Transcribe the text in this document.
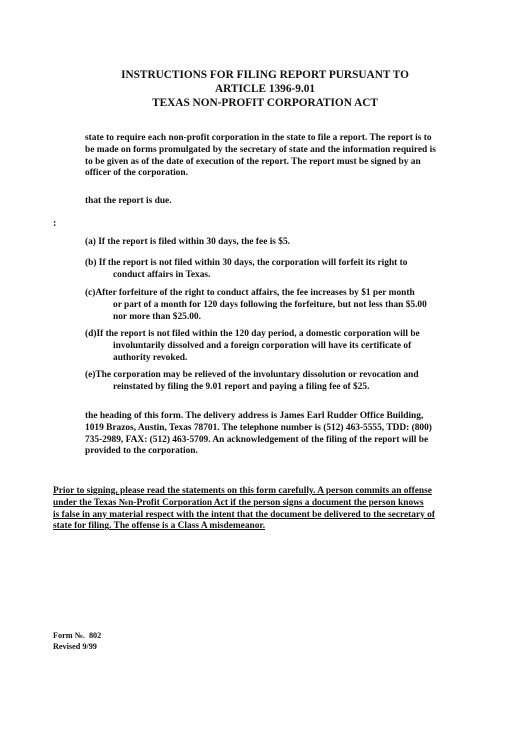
INSTRUCTIONS FOR FILING REPORT PURSUANT TO
ARTICLE 1396-9.01
TEXAS NON-PROFIT CORPORATION ACT
state to require each non-profit corporation in the state to file a report. The report is to
be made on forms promulgated by the secretary of state and the information required is
to be given as of the date of execution of the report. The report must be signed by an
officer of the corporation.
that the report is due.
:
(a) If the report is filed within 30 days, the fee is $5.
(b) If the report is not filed within 30 days, the corporation will forfeit its right to
conduct affairs in Texas.
(c)After forfeiture of the right to conduct affairs, the fee increases by $1 per month
or part of a month for 120 days following the forfeiture, but not less than $5.00
nor more than $25.00.
(d)If the report is not filed within the 120 day period, a domestic corporation will be
involuntarily dissolved and a foreign corporation will have its certificate of
authority revoked.
(e)The corporation may be relieved of the involuntary dissolution or revocation and
reinstated by filing the 9.01 report and paying a filing fee of $25.
the heading of this form. The delivery address is James Earl Rudder Office Building,
1019 Brazos, Austin, Texas 78701. The telephone number is (512) 463-5555, TDD: (800)
735-2989, FAX: (512) 463-5709. An acknowledgement of the filing of the report will be
provided to the corporation.
Prior to signing, please read the statements on this form carefully. A person commits an offense
under the Texas №n-Profit Corporation Act if the person signs a document the person knows
is false in any material respect with the intent that the document be delivered to the secretary of
state for filing. The offense is a Class A misdemeanor.
Form №.  802
Revised 9/99
